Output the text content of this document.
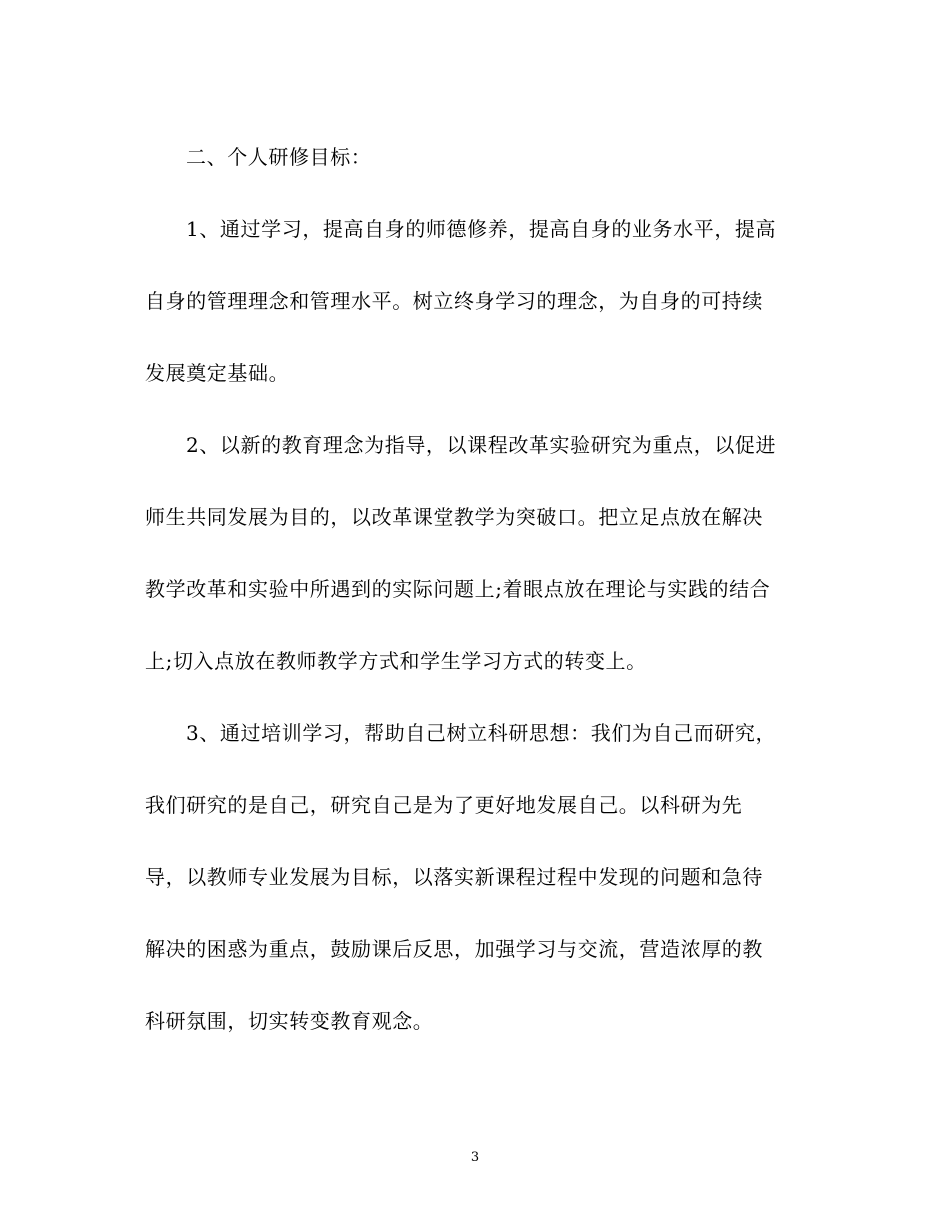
二、个人研修目标：
1、通过学习，提高自身的师德修养，提高自身的业务水平，提高
自身的管理理念和管理水平。树立终身学习的理念，为自身的可持续
发展奠定基础。
2、以新的教育理念为指导，以课程改革实验研究为重点，以促进
师生共同发展为目的，以改革课堂教学为突破口。把立足点放在解决
教学改革和实验中所遇到的实际问题上;着眼点放在理论与实践的结合
上;切入点放在教师教学方式和学生学习方式的转变上。
3、通过培训学习，帮助自己树立科研思想：我们为自己而研究，
我们研究的是自己，研究自己是为了更好地发展自己。以科研为先
导，以教师专业发展为目标，以落实新课程过程中发现的问题和急待
解决的困惑为重点，鼓励课后反思，加强学习与交流，营造浓厚的教
科研氛围，切实转变教育观念。
3
